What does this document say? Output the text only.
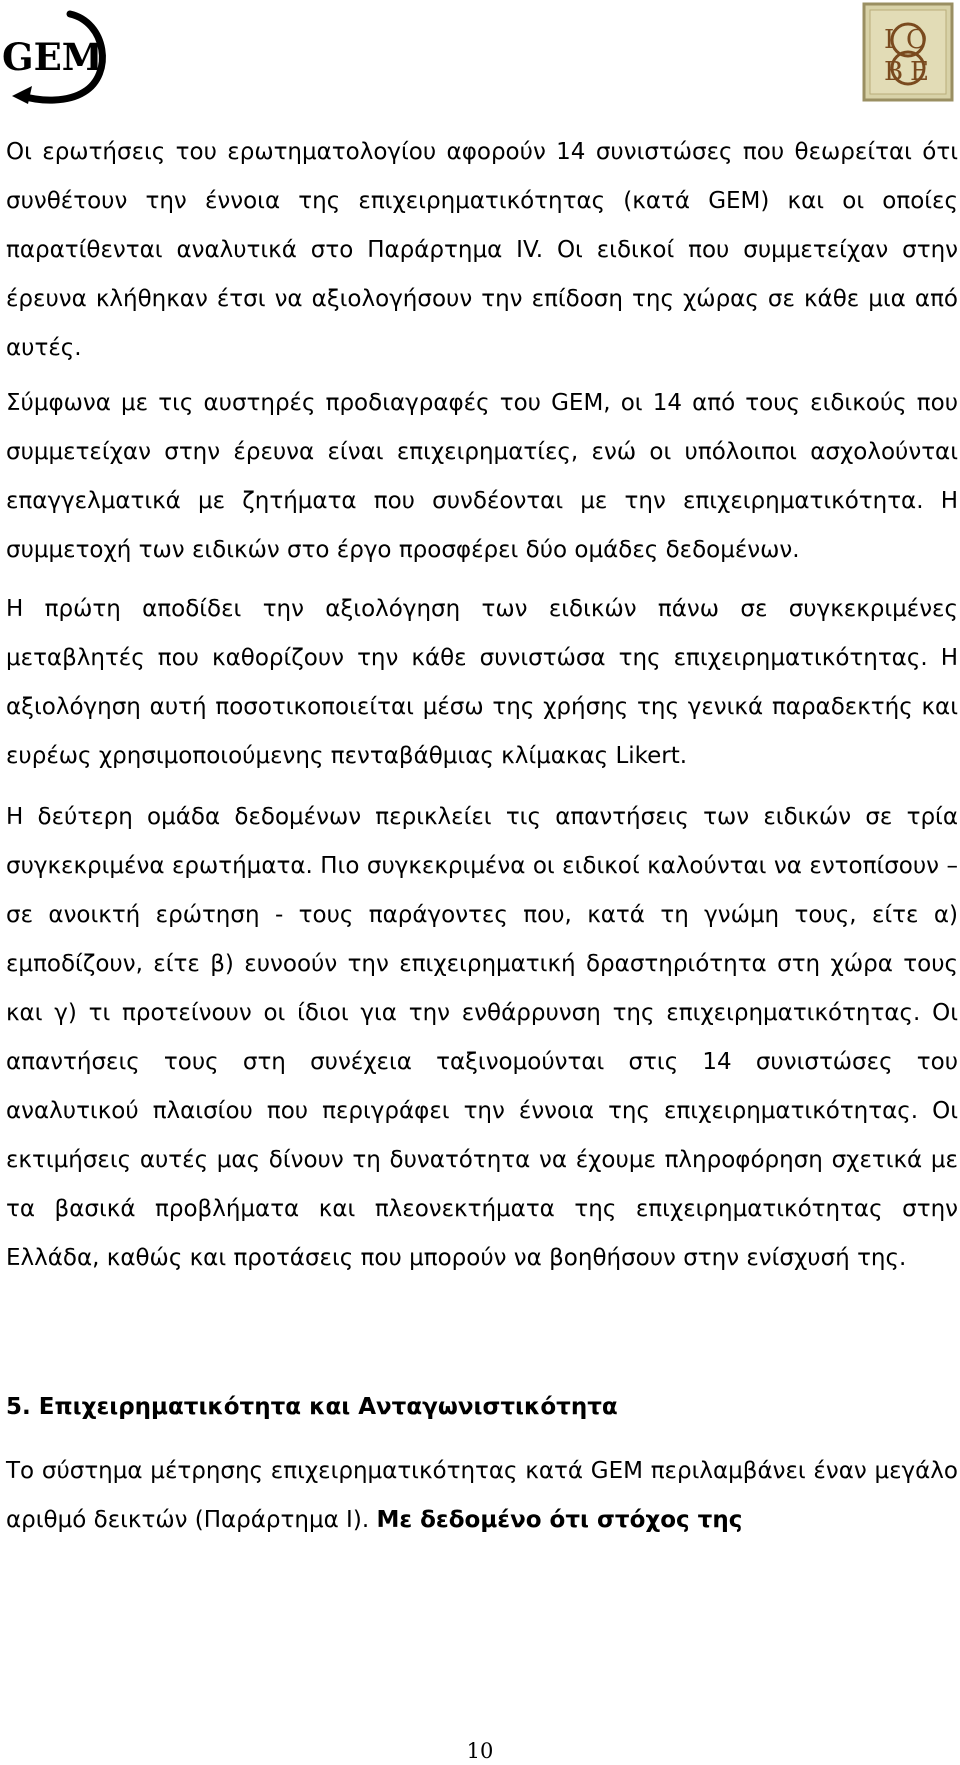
GEM	Ι Ο
Β Ε

Οι ερωτήσεις του ερωτηματολογίου αφορούν 14 συνιστώσες που θεωρείται ότι συνθέτουν την έννοια της επιχειρηματικότητας (κατά GEM) και οι οποίες παρατίθενται αναλυτικά στο Παράρτημα IV. Οι ειδικοί που συμμετείχαν στην έρευνα κλήθηκαν έτσι να αξιολογήσουν την επίδοση της χώρας σε κάθε μια από αυτές.

Σύμφωνα με τις αυστηρές προδιαγραφές του GEM, οι 14 από τους ειδικούς που συμμετείχαν στην έρευνα είναι επιχειρηματίες, ενώ οι υπόλοιποι ασχολούνται επαγγελματικά με ζητήματα που συνδέονται με την επιχειρηματικότητα. Η συμμετοχή των ειδικών στο έργο προσφέρει δύο ομάδες δεδομένων.

Η πρώτη αποδίδει την αξιολόγηση των ειδικών πάνω σε συγκεκριμένες μεταβλητές που καθορίζουν την κάθε συνιστώσα της επιχειρηματικότητας. Η αξιολόγηση αυτή ποσοτικοποιείται μέσω της χρήσης της γενικά παραδεκτής και ευρέως χρησιμοποιούμενης πενταβάθμιας κλίμακας Likert.

Η δεύτερη ομάδα δεδομένων περικλείει τις απαντήσεις των ειδικών σε τρία συγκεκριμένα ερωτήματα. Πιο συγκεκριμένα οι ειδικοί καλούνται να εντοπίσουν – σε ανοικτή ερώτηση - τους παράγοντες που, κατά τη γνώμη τους, είτε α) εμποδίζουν, είτε β) ευνοούν την επιχειρηματική δραστηριότητα στη χώρα τους και γ) τι προτείνουν οι ίδιοι για την ενθάρρυνση της επιχειρηματικότητας. Οι απαντήσεις τους στη συνέχεια ταξινομούνται στις 14 συνιστώσες του αναλυτικού πλαισίου που περιγράφει την έννοια της επιχειρηματικότητας. Οι εκτιμήσεις αυτές μας δίνουν τη δυνατότητα να έχουμε πληροφόρηση σχετικά με τα βασικά προβλήματα και πλεονεκτήματα της επιχειρηματικότητας στην Ελλάδα, καθώς και προτάσεις που μπορούν να βοηθήσουν στην ενίσχυσή της.

5. Επιχειρηματικότητα και Ανταγωνιστικότητα

Το σύστημα μέτρησης επιχειρηματικότητας κατά GEM περιλαμβάνει έναν μεγάλο αριθμό δεικτών (Παράρτημα Ι). Με δεδομένο ότι στόχος της

10
